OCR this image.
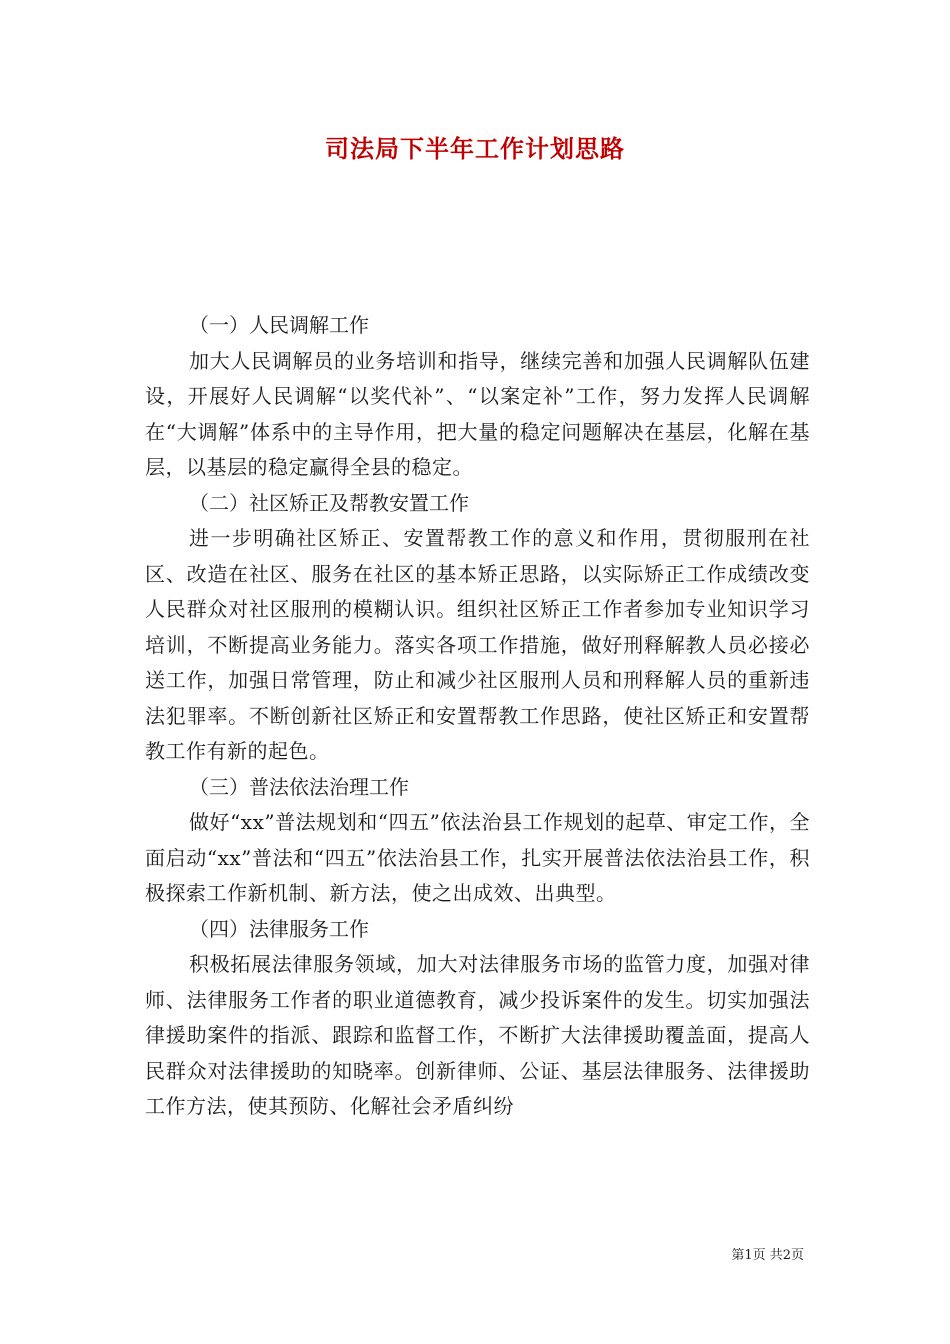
司法局下半年工作计划思路
（一）人民调解工作
加大人民调解员的业务培训和指导，继续完善和加强人民调解队伍建设，开展好人民调解“以奖代补”、“以案定补”工作，努力发挥人民调解在“大调解”体系中的主导作用，把大量的稳定问题解决在基层，化解在基层，以基层的稳定赢得全县的稳定。
（二）社区矫正及帮教安置工作
进一步明确社区矫正、安置帮教工作的意义和作用，贯彻服刑在社区、改造在社区、服务在社区的基本矫正思路，以实际矫正工作成绩改变人民群众对社区服刑的模糊认识。组织社区矫正工作者参加专业知识学习培训，不断提高业务能力。落实各项工作措施，做好刑释解教人员必接必送工作，加强日常管理，防止和减少社区服刑人员和刑释解人员的重新违法犯罪率。不断创新社区矫正和安置帮教工作思路，使社区矫正和安置帮教工作有新的起色。
（三）普法依法治理工作
做好“xx”普法规划和“四五”依法治县工作规划的起草、审定工作，全面启动“xx”普法和“四五”依法治县工作，扎实开展普法依法治县工作，积极探索工作新机制、新方法，使之出成效、出典型。
（四）法律服务工作
积极拓展法律服务领域，加大对法律服务市场的监管力度，加强对律师、法律服务工作者的职业道德教育，减少投诉案件的发生。切实加强法律援助案件的指派、跟踪和监督工作，不断扩大法律援助覆盖面，提高人民群众对法律援助的知晓率。创新律师、公证、基层法律服务、法律援助工作方法，使其预防、化解社会矛盾纠纷
第1页 共2页
